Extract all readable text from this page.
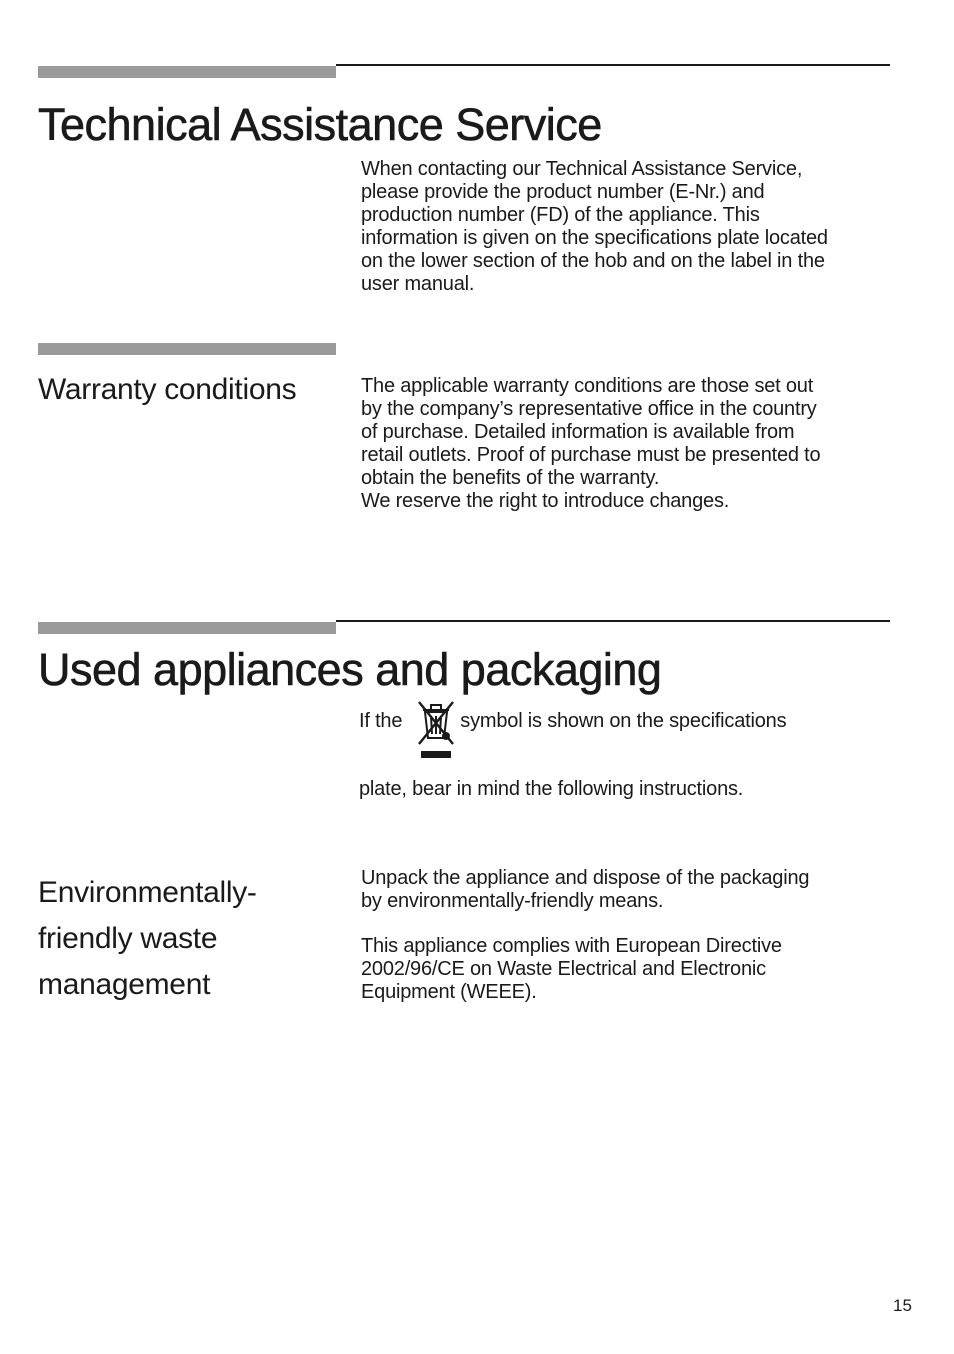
Technical Assistance Service

When contacting our Technical Assistance Service,
please provide the product number (E-Nr.) and
production number (FD) of the appliance. This
information is given on the specifications plate located
on the lower section of the hob and on the label in the
user manual.

Warranty conditions	The applicable warranty conditions are those set out
by the company’s representative office in the country
of purchase. Detailed information is available from
retail outlets. Proof of purchase must be presented to
obtain the benefits of the warranty.
We reserve the right to introduce changes.

Used appliances and packaging
If the	symbol is shown on the specifications

plate, bear in mind the following instructions.

Environmentally-
friendly waste
management

Unpack the appliance and dispose of the packaging
by environmentally-friendly means.

This appliance complies with European Directive
2002/96/CE on Waste Electrical and Electronic
Equipment (WEEE).

15
